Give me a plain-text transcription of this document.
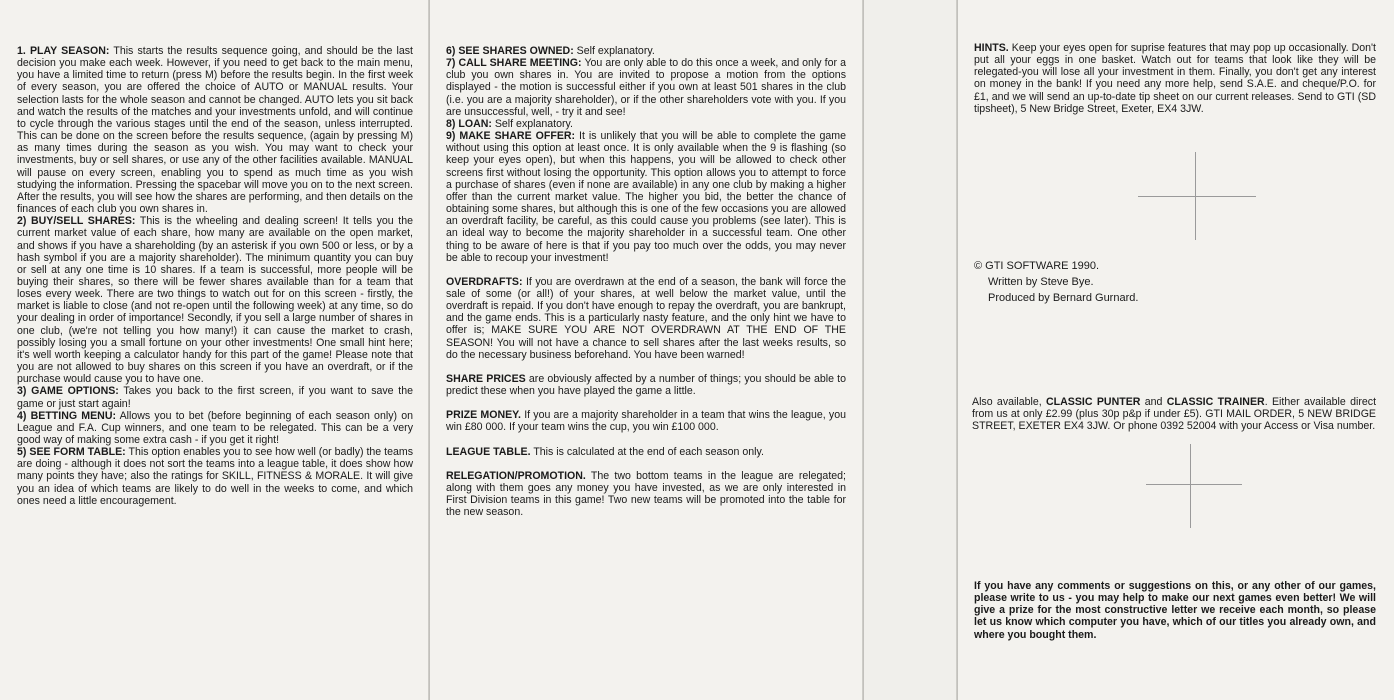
1. PLAY SEASON: This starts the results sequence going, and should be the last decision you make each week. However, if you need to get back to the main menu, you have a limited time to return (press M) before the results begin. In the first week of every season, you are offered the choice of AUTO or MANUAL results. Your selection lasts for the whole season and cannot be changed. AUTO lets you sit back and watch the results of the matches and your investments unfold, and will continue to cycle through the various stages until the end of the season, unless interrupted. This can be done on the screen before the results sequence, (again by pressing M) as many times during the season as you wish. You may want to check your investments, buy or sell shares, or use any of the other facilities available. MANUAL will pause on every screen, enabling you to spend as much time as you wish studying the information. Pressing the spacebar will move you on to the next screen. After the results, you will see how the shares are performing, and then details on the finances of each club you own shares in.

2) BUY/SELL SHARES: This is the wheeling and dealing screen! It tells you the current market value of each share, how many are available on the open market, and shows if you have a shareholding (by an asterisk if you own 500 or less, or by a hash symbol if you are a majority shareholder). The minimum quantity you can buy or sell at any one time is 10 shares. If a team is successful, more people will be buying their shares, so there will be fewer shares available than for a team that loses every week. There are two things to watch out for on this screen - firstly, the market is liable to close (and not re-open until the following week) at any time, so do your dealing in order of importance! Secondly, if you sell a large number of shares in one club, (we're not telling you how many!) it can cause the market to crash, possibly losing you a small fortune on your other investments! One small hint here; it's well worth keeping a calculator handy for this part of the game! Please note that you are not allowed to buy shares on this screen if you have an overdraft, or if the purchase would cause you to have one.

3) GAME OPTIONS: Takes you back to the first screen, if you want to save the game or just start again!

4) BETTING MENU: Allows you to bet (before beginning of each season only) on League and F.A. Cup winners, and one team to be relegated. This can be a very good way of making some extra cash - if you get it right!

5) SEE FORM TABLE: This option enables you to see how well (or badly) the teams are doing - although it does not sort the teams into a league table, it does show how many points they have; also the ratings for SKILL, FITNESS & MORALE. It will give you an idea of which teams are likely to do well in the weeks to come, and which ones need a little encouragement.

6) SEE SHARES OWNED: Self explanatory.

7) CALL SHARE MEETING: You are only able to do this once a week, and only for a club you own shares in. You are invited to propose a motion from the options displayed - the motion is successful either if you own at least 501 shares in the club (i.e. you are a majority shareholder), or if the other shareholders vote with you. If you are unsuccessful, well, - try it and see!

8) LOAN: Self explanatory.

9) MAKE SHARE OFFER: It is unlikely that you will be able to complete the game without using this option at least once. It is only available when the 9 is flashing (so keep your eyes open), but when this happens, you will be allowed to check other screens first without losing the opportunity. This option allows you to attempt to force a purchase of shares (even if none are available) in any one club by making a higher offer than the current market value. The higher you bid, the better the chance of obtaining some shares, but although this is one of the few occasions you are allowed an overdraft facility, be careful, as this could cause you problems (see later). This is an ideal way to become the majority shareholder in a successful team. One other thing to be aware of here is that if you pay too much over the odds, you may never be able to recoup your investment!

OVERDRAFTS: If you are overdrawn at the end of a season, the bank will force the sale of some (or all!) of your shares, at well below the market value, until the overdraft is repaid. If you don't have enough to repay the overdraft, you are bankrupt, and the game ends. This is a particularly nasty feature, and the only hint we have to offer is; MAKE SURE YOU ARE NOT OVERDRAWN AT THE END OF THE SEASON! You will not have a chance to sell shares after the last weeks results, so do the necessary business beforehand. You have been warned!

SHARE PRICES are obviously affected by a number of things; you should be able to predict these when you have played the game a little.

PRIZE MONEY. If you are a majority shareholder in a team that wins the league, you win £80 000. If your team wins the cup, you win £100 000.

LEAGUE TABLE. This is calculated at the end of each season only.

RELEGATION/PROMOTION. The two bottom teams in the league are relegated; along with them goes any money you have invested, as we are only interested in First Division teams in this game! Two new teams will be promoted into the table for the new season.

HINTS. Keep your eyes open for suprise features that may pop up occasionally. Don't put all your eggs in one basket. Watch out for teams that look like they will be relegated-you will lose all your investment in them. Finally, you don't get any interest on money in the bank! If you need any more help, send S.A.E. and cheque/P.O. for £1, and we will send an up-to-date tip sheet on our current releases. Send to GTI (SD tipsheet), 5 New Bridge Street, Exeter, EX4 3JW.

© GTI SOFTWARE 1990.
Written by Steve Bye.
Produced by Bernard Gurnard.

Also available, CLASSIC PUNTER and CLASSIC TRAINER. Either available direct from us at only £2.99 (plus 30p p&p if under £5). GTI MAIL ORDER, 5 NEW BRIDGE STREET, EXETER EX4 3JW. Or phone 0392 52004 with your Access or Visa number.

If you have any comments or suggestions on this, or any other of our games, please write to us - you may help to make our next games even better! We will give a prize for the most constructive letter we receive each month, so please let us know which computer you have, which of our titles you already own, and where you bought them.
